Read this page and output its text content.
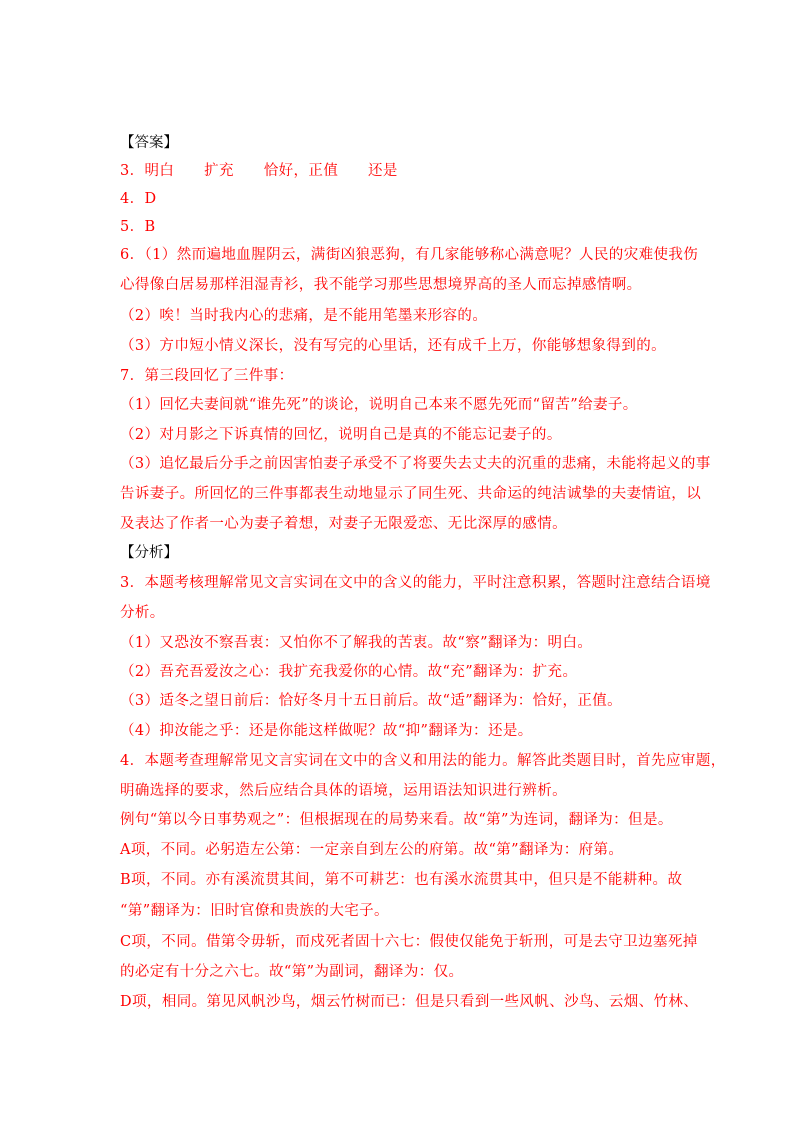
【答案】
3．明白　　扩充　　恰好，正值　　还是
4．D
5．B
6．（1）然而遍地血腥阴云，满街凶狼恶狗，有几家能够称心满意呢？人民的灾难使我伤
心得像白居易那样泪湿青衫，我不能学习那些思想境界高的圣人而忘掉感情啊。
（2）唉！当时我内心的悲痛，是不能用笔墨来形容的。
（3）方巾短小情义深长，没有写完的心里话，还有成千上万，你能够想象得到的。
7．第三段回忆了三件事：
（1）回忆夫妻间就“谁先死”的谈论，说明自己本来不愿先死而“留苦”给妻子。
（2）对月影之下诉真情的回忆，说明自己是真的不能忘记妻子的。
（3）追忆最后分手之前因害怕妻子承受不了将要失去丈夫的沉重的悲痛，未能将起义的事
告诉妻子。所回忆的三件事都表生动地显示了同生死、共命运的纯洁诚挚的夫妻情谊，以
及表达了作者一心为妻子着想，对妻子无限爱恋、无比深厚的感情。
【分析】
3．本题考核理解常见文言实词在文中的含义的能力，平时注意积累，答题时注意结合语境
分析。
（1）又恐汝不察吾衷：又怕你不了解我的苦衷。故“察”翻译为：明白。
（2）吾充吾爱汝之心：我扩充我爱你的心情。故“充”翻译为：扩充。
（3）适冬之望日前后：恰好冬月十五日前后。故“适”翻译为：恰好，正值。
（4）抑汝能之乎：还是你能这样做呢？故“抑”翻译为：还是。
4．本题考查理解常见文言实词在文中的含义和用法的能力。解答此类题目时，首先应审题，
明确选择的要求，然后应结合具体的语境，运用语法知识进行辨析。
例句“第以今日事势观之”：但根据现在的局势来看。故“第”为连词，翻译为：但是。
A项，不同。必躬造左公第：一定亲自到左公的府第。故“第”翻译为：府第。
B项，不同。亦有溪流贯其间，第不可耕艺：也有溪水流贯其中，但只是不能耕种。故
“第”翻译为：旧时官僚和贵族的大宅子。
C项，不同。借第令毋斩，而戍死者固十六七：假使仅能免于斩刑，可是去守卫边塞死掉
的必定有十分之六七。故“第”为副词，翻译为：仅。
D项，相同。第见风帆沙鸟，烟云竹树而已：但是只看到一些风帆、沙鸟、云烟、竹林、
